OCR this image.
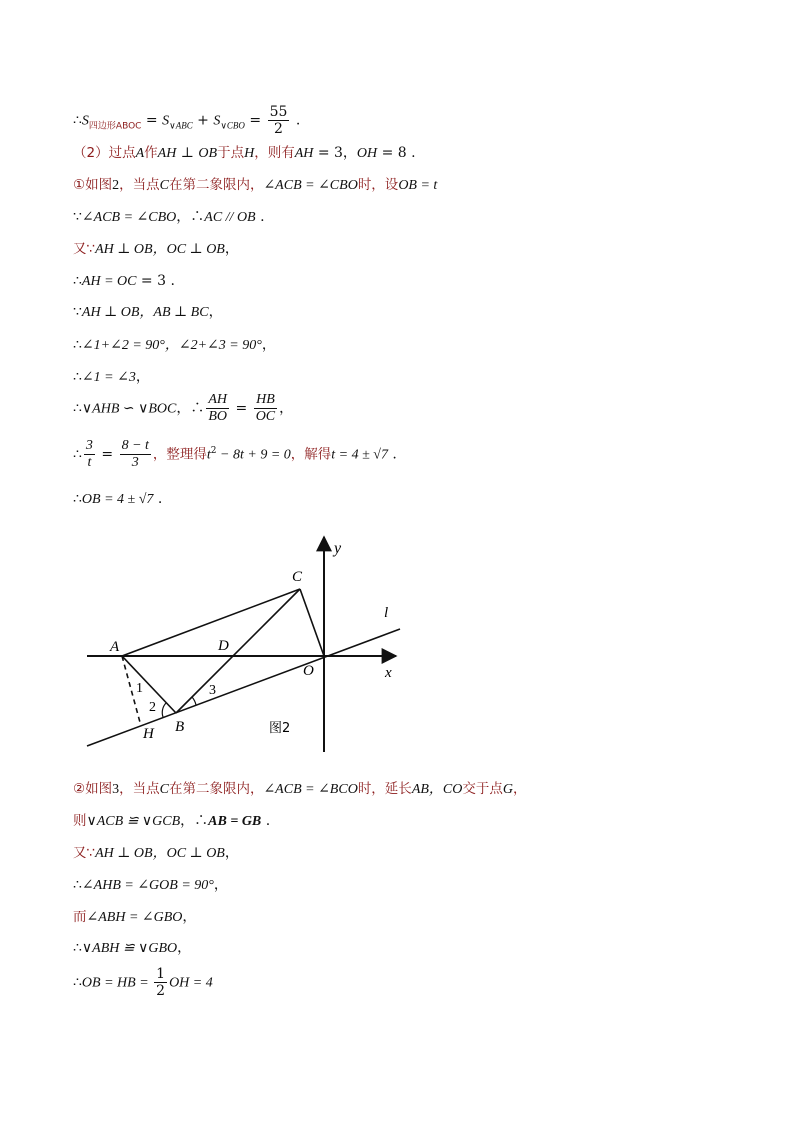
$\therefore S_{四边形ABOC} = S_{\vee ABC} + S_{\vee CBO} = \frac{55}{2}$ .
（2）过点A作AH ⊥ OB于点H，则有AH = 3，OH = 8 .
①如图2，当点C在第二象限内，∠ACB = ∠CBO时，设OB = t
∵∠ACB = ∠CBO，∴AC // OB .
又∵AH ⊥ OB，OC ⊥ OB，
∴AH = OC = 3 .
∵AH ⊥ OB，AB ⊥ BC，
∴∠1+∠2 = 90°，∠2+∠3 = 90°，
∴∠1 = ∠3，
∴∨AHB ∽ ∨BOC，∴ $\frac{AH}{BO} = \frac{HB}{OC}$ ，
∴ $\frac{3}{t} = \frac{8 - t}{3}$ ，整理得$t^2 - 8t + 9 = 0$，解得t = 4 ± √7 .
∴OB = 4 ± √7 .
y
x
C
l
A	D
O
1
2
3
H B	图2
②如图3，当点C在第二象限内，∠ACB = ∠BCO时，延长AB，CO交于点G，
则∨ACB ≌ ∨GCB，∴AB = GB .
又∵AH ⊥ OB，OC ⊥ OB，
∴∠AHB = ∠GOB = 90°，
而∠ABH = ∠GBO，
∴∨ABH ≌ ∨GBO，
∴OB = HB = $\frac{1}{2}$ OH = 4
